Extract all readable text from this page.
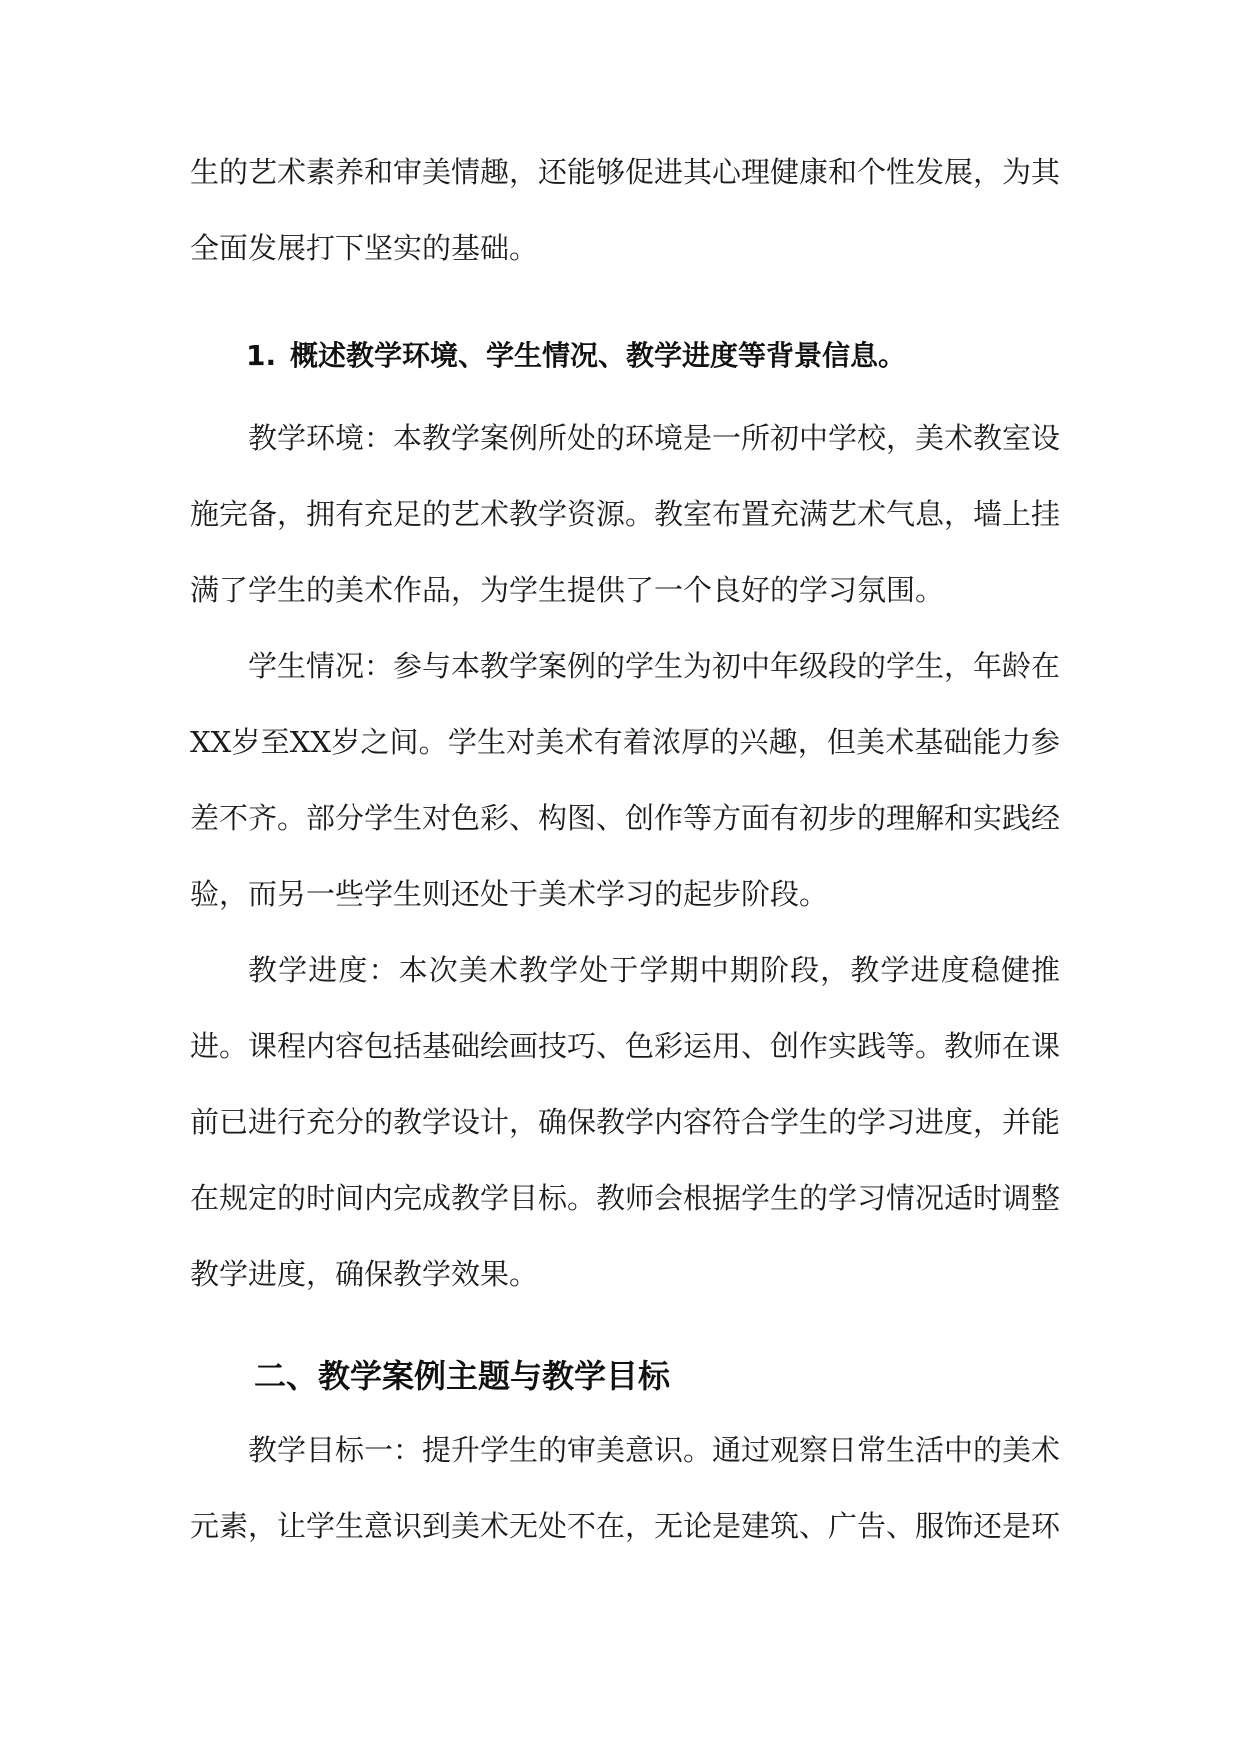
生的艺术素养和审美情趣，还能够促进其心理健康和个性发展，为其全面发展打下坚实的基础。

1. 概述教学环境、学生情况、教学进度等背景信息。

教学环境：本教学案例所处的环境是一所初中学校，美术教室设施完备，拥有充足的艺术教学资源。教室布置充满艺术气息，墙上挂满了学生的美术作品，为学生提供了一个良好的学习氛围。

学生情况：参与本教学案例的学生为初中年级段的学生，年龄在XX岁至XX岁之间。学生对美术有着浓厚的兴趣，但美术基础能力参差不齐。部分学生对色彩、构图、创作等方面有初步的理解和实践经验，而另一些学生则还处于美术学习的起步阶段。

教学进度：本次美术教学处于学期中期阶段，教学进度稳健推进。课程内容包括基础绘画技巧、色彩运用、创作实践等。教师在课前已进行充分的教学设计，确保教学内容符合学生的学习进度，并能在规定的时间内完成教学目标。教师会根据学生的学习情况适时调整教学进度，确保教学效果。

二、教学案例主题与教学目标

教学目标一：提升学生的审美意识。通过观察日常生活中的美术元素，让学生意识到美术无处不在，无论是建筑、广告、服饰还是环
